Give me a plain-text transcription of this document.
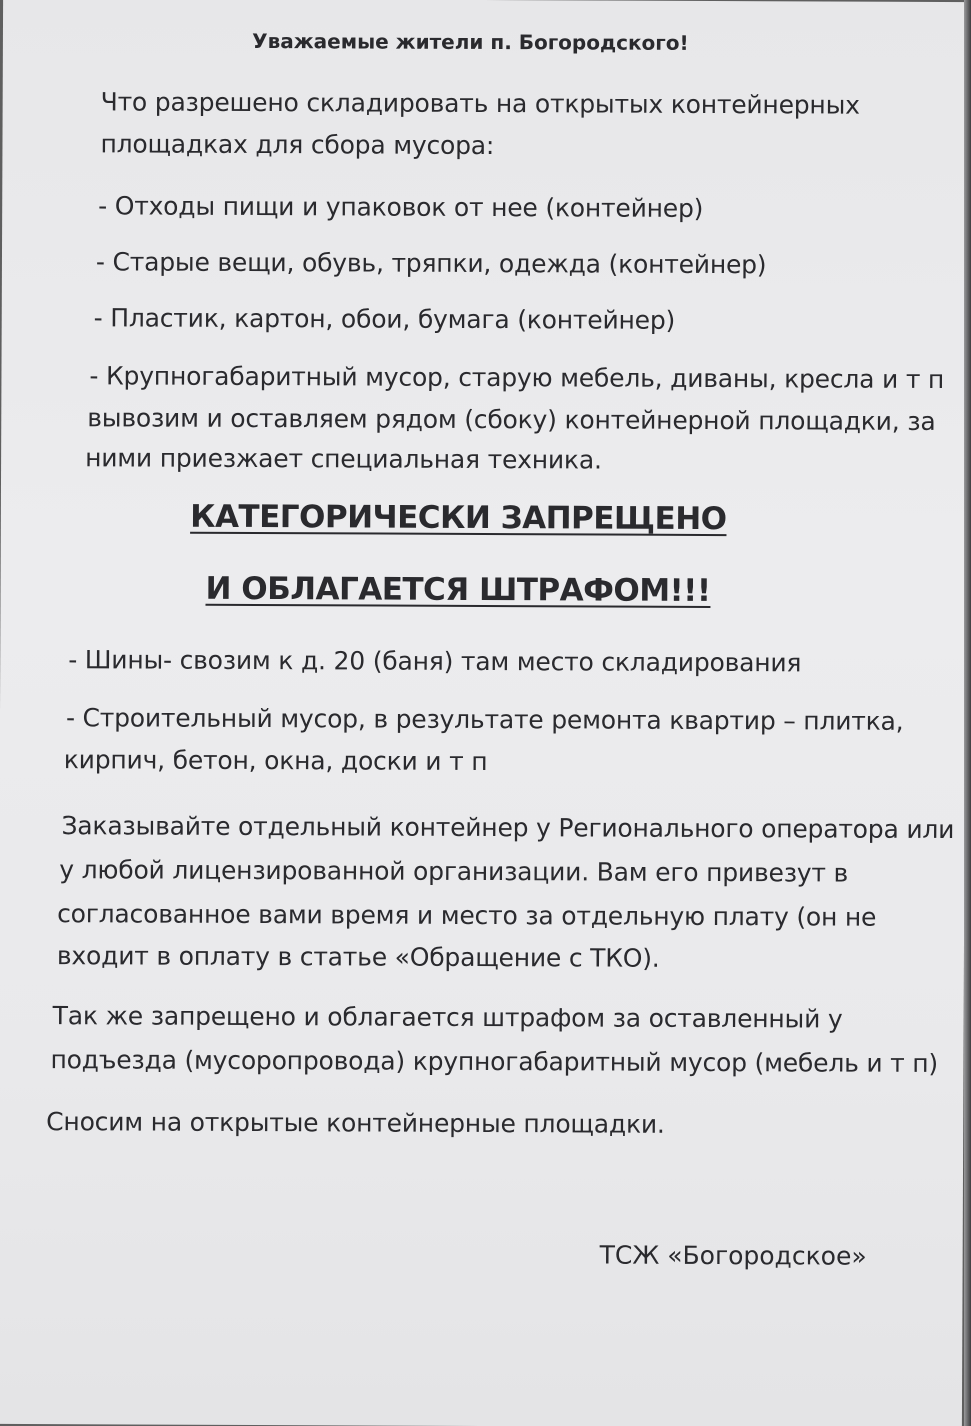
Уважаемые жители п. Богородского!

Что разрешено складировать на открытых контейнерных

площадках для сбора мусора:

- Отходы пищи и упаковок от нее (контейнер)

- Старые вещи, обувь, тряпки, одежда (контейнер)

- Пластик, картон, обои, бумага (контейнер)

- Крупногабаритный мусор, старую мебель, диваны, кресла и т п

вывозим и оставляем рядом (сбоку) контейнерной площадки, за

ними приезжает специальная техника.

КАТЕГОРИЧЕСКИ ЗАПРЕЩЕНО

И ОБЛАГАЕТСЯ ШТРАФОМ!!!

- Шины- свозим к д. 20 (баня) там место складирования

- Строительный мусор, в результате ремонта квартир – плитка,

кирпич, бетон, окна, доски и т п

Заказывайте отдельный контейнер у Регионального оператора или

у любой лицензированной организации. Вам его привезут в

согласованное вами время и место за отдельную плату (он не

входит в оплату в статье «Обращение с ТКО).

Так же запрещено и облагается штрафом за оставленный у

подъезда (мусоропровода) крупногабаритный мусор (мебель и т п)

Сносим на открытые контейнерные площадки.

ТСЖ «Богородское»
